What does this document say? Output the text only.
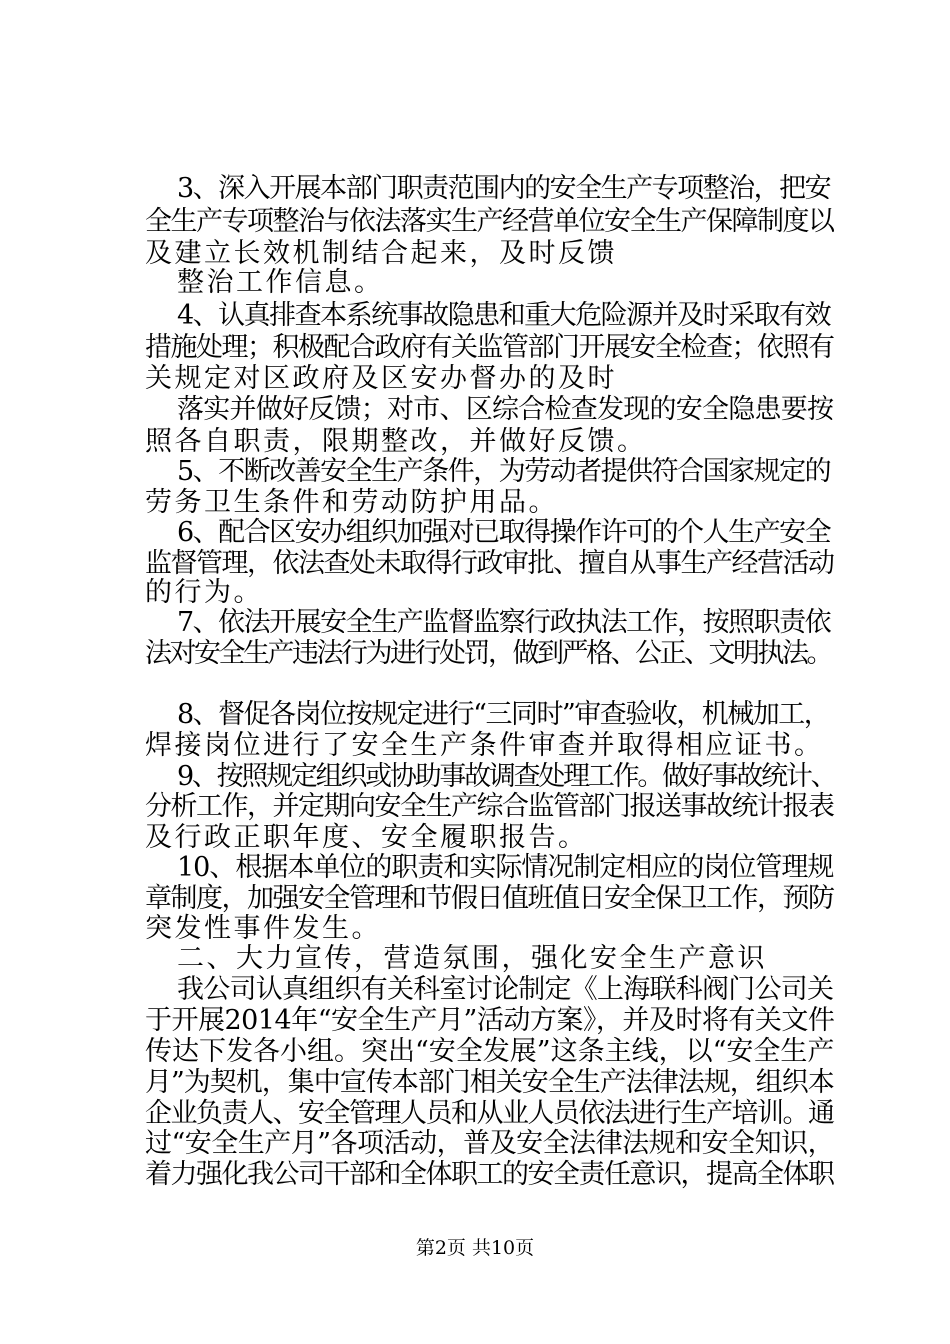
3、深入开展本部门职责范围内的安全生产专项整治，把安
全生产专项整治与依法落实生产经营单位安全生产保障制度以
及建立长效机制结合起来，及时反馈
整治工作信息。
4、认真排查本系统事故隐患和重大危险源并及时采取有效
措施处理；积极配合政府有关监管部门开展安全检查；依照有
关规定对区政府及区安办督办的及时
落实并做好反馈；对市、区综合检查发现的安全隐患要按
照各自职责，限期整改，并做好反馈。
5、不断改善安全生产条件，为劳动者提供符合国家规定的
劳务卫生条件和劳动防护用品。
6、配合区安办组织加强对已取得操作许可的个人生产安全
监督管理，依法查处未取得行政审批、擅自从事生产经营活动
的行为。
7、依法开展安全生产监督监察行政执法工作，按照职责依
法对安全生产违法行为进行处罚，做到严格、公正、文明执法。
8、督促各岗位按规定进行“三同时”审查验收，机械加工，
焊接岗位进行了安全生产条件审查并取得相应证书。
9、按照规定组织或协助事故调查处理工作。做好事故统计、
分析工作，并定期向安全生产综合监管部门报送事故统计报表
及行政正职年度、安全履职报告。
10、根据本单位的职责和实际情况制定相应的岗位管理规
章制度，加强安全管理和节假日值班值日安全保卫工作，预防
突发性事件发生。
二、大力宣传，营造氛围，强化安全生产意识
我公司认真组织有关科室讨论制定《上海联科阀门公司关
于开展2014年“安全生产月”活动方案》，并及时将有关文件
传达下发各小组。突出“安全发展”这条主线，以“安全生产
月”为契机，集中宣传本部门相关安全生产法律法规，组织本
企业负责人、安全管理人员和从业人员依法进行生产培训。通
过“安全生产月”各项活动，普及安全法律法规和安全知识，
着力强化我公司干部和全体职工的安全责任意识，提高全体职
第2页 共10页
